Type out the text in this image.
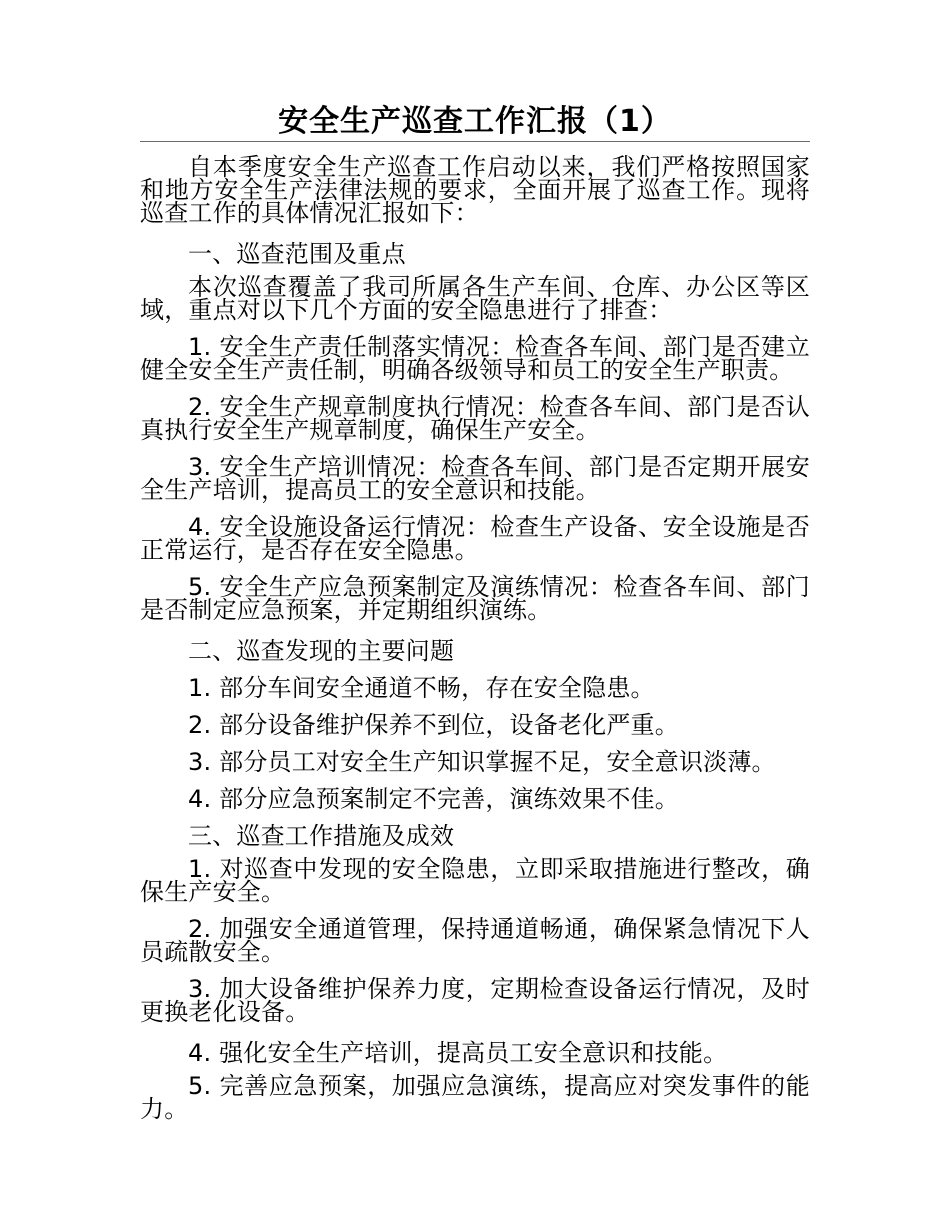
安全生产巡查工作汇报（1）

自本季度安全生产巡查工作启动以来，我们严格按照国家和地方安全生产法律法规的要求，全面开展了巡查工作。现将巡查工作的具体情况汇报如下：

一、巡查范围及重点

本次巡查覆盖了我司所属各生产车间、仓库、办公区等区域，重点对以下几个方面的安全隐患进行了排查：

1. 安全生产责任制落实情况：检查各车间、部门是否建立健全安全生产责任制，明确各级领导和员工的安全生产职责。

2. 安全生产规章制度执行情况：检查各车间、部门是否认真执行安全生产规章制度，确保生产安全。

3. 安全生产培训情况：检查各车间、部门是否定期开展安全生产培训，提高员工的安全意识和技能。

4. 安全设施设备运行情况：检查生产设备、安全设施是否正常运行，是否存在安全隐患。

5. 安全生产应急预案制定及演练情况：检查各车间、部门是否制定应急预案，并定期组织演练。

二、巡查发现的主要问题

1. 部分车间安全通道不畅，存在安全隐患。

2. 部分设备维护保养不到位，设备老化严重。

3. 部分员工对安全生产知识掌握不足，安全意识淡薄。

4. 部分应急预案制定不完善，演练效果不佳。

三、巡查工作措施及成效

1. 对巡查中发现的安全隐患，立即采取措施进行整改，确保生产安全。

2. 加强安全通道管理，保持通道畅通，确保紧急情况下人员疏散安全。

3. 加大设备维护保养力度，定期检查设备运行情况，及时更换老化设备。

4. 强化安全生产培训，提高员工安全意识和技能。

5. 完善应急预案，加强应急演练，提高应对突发事件的能力。
